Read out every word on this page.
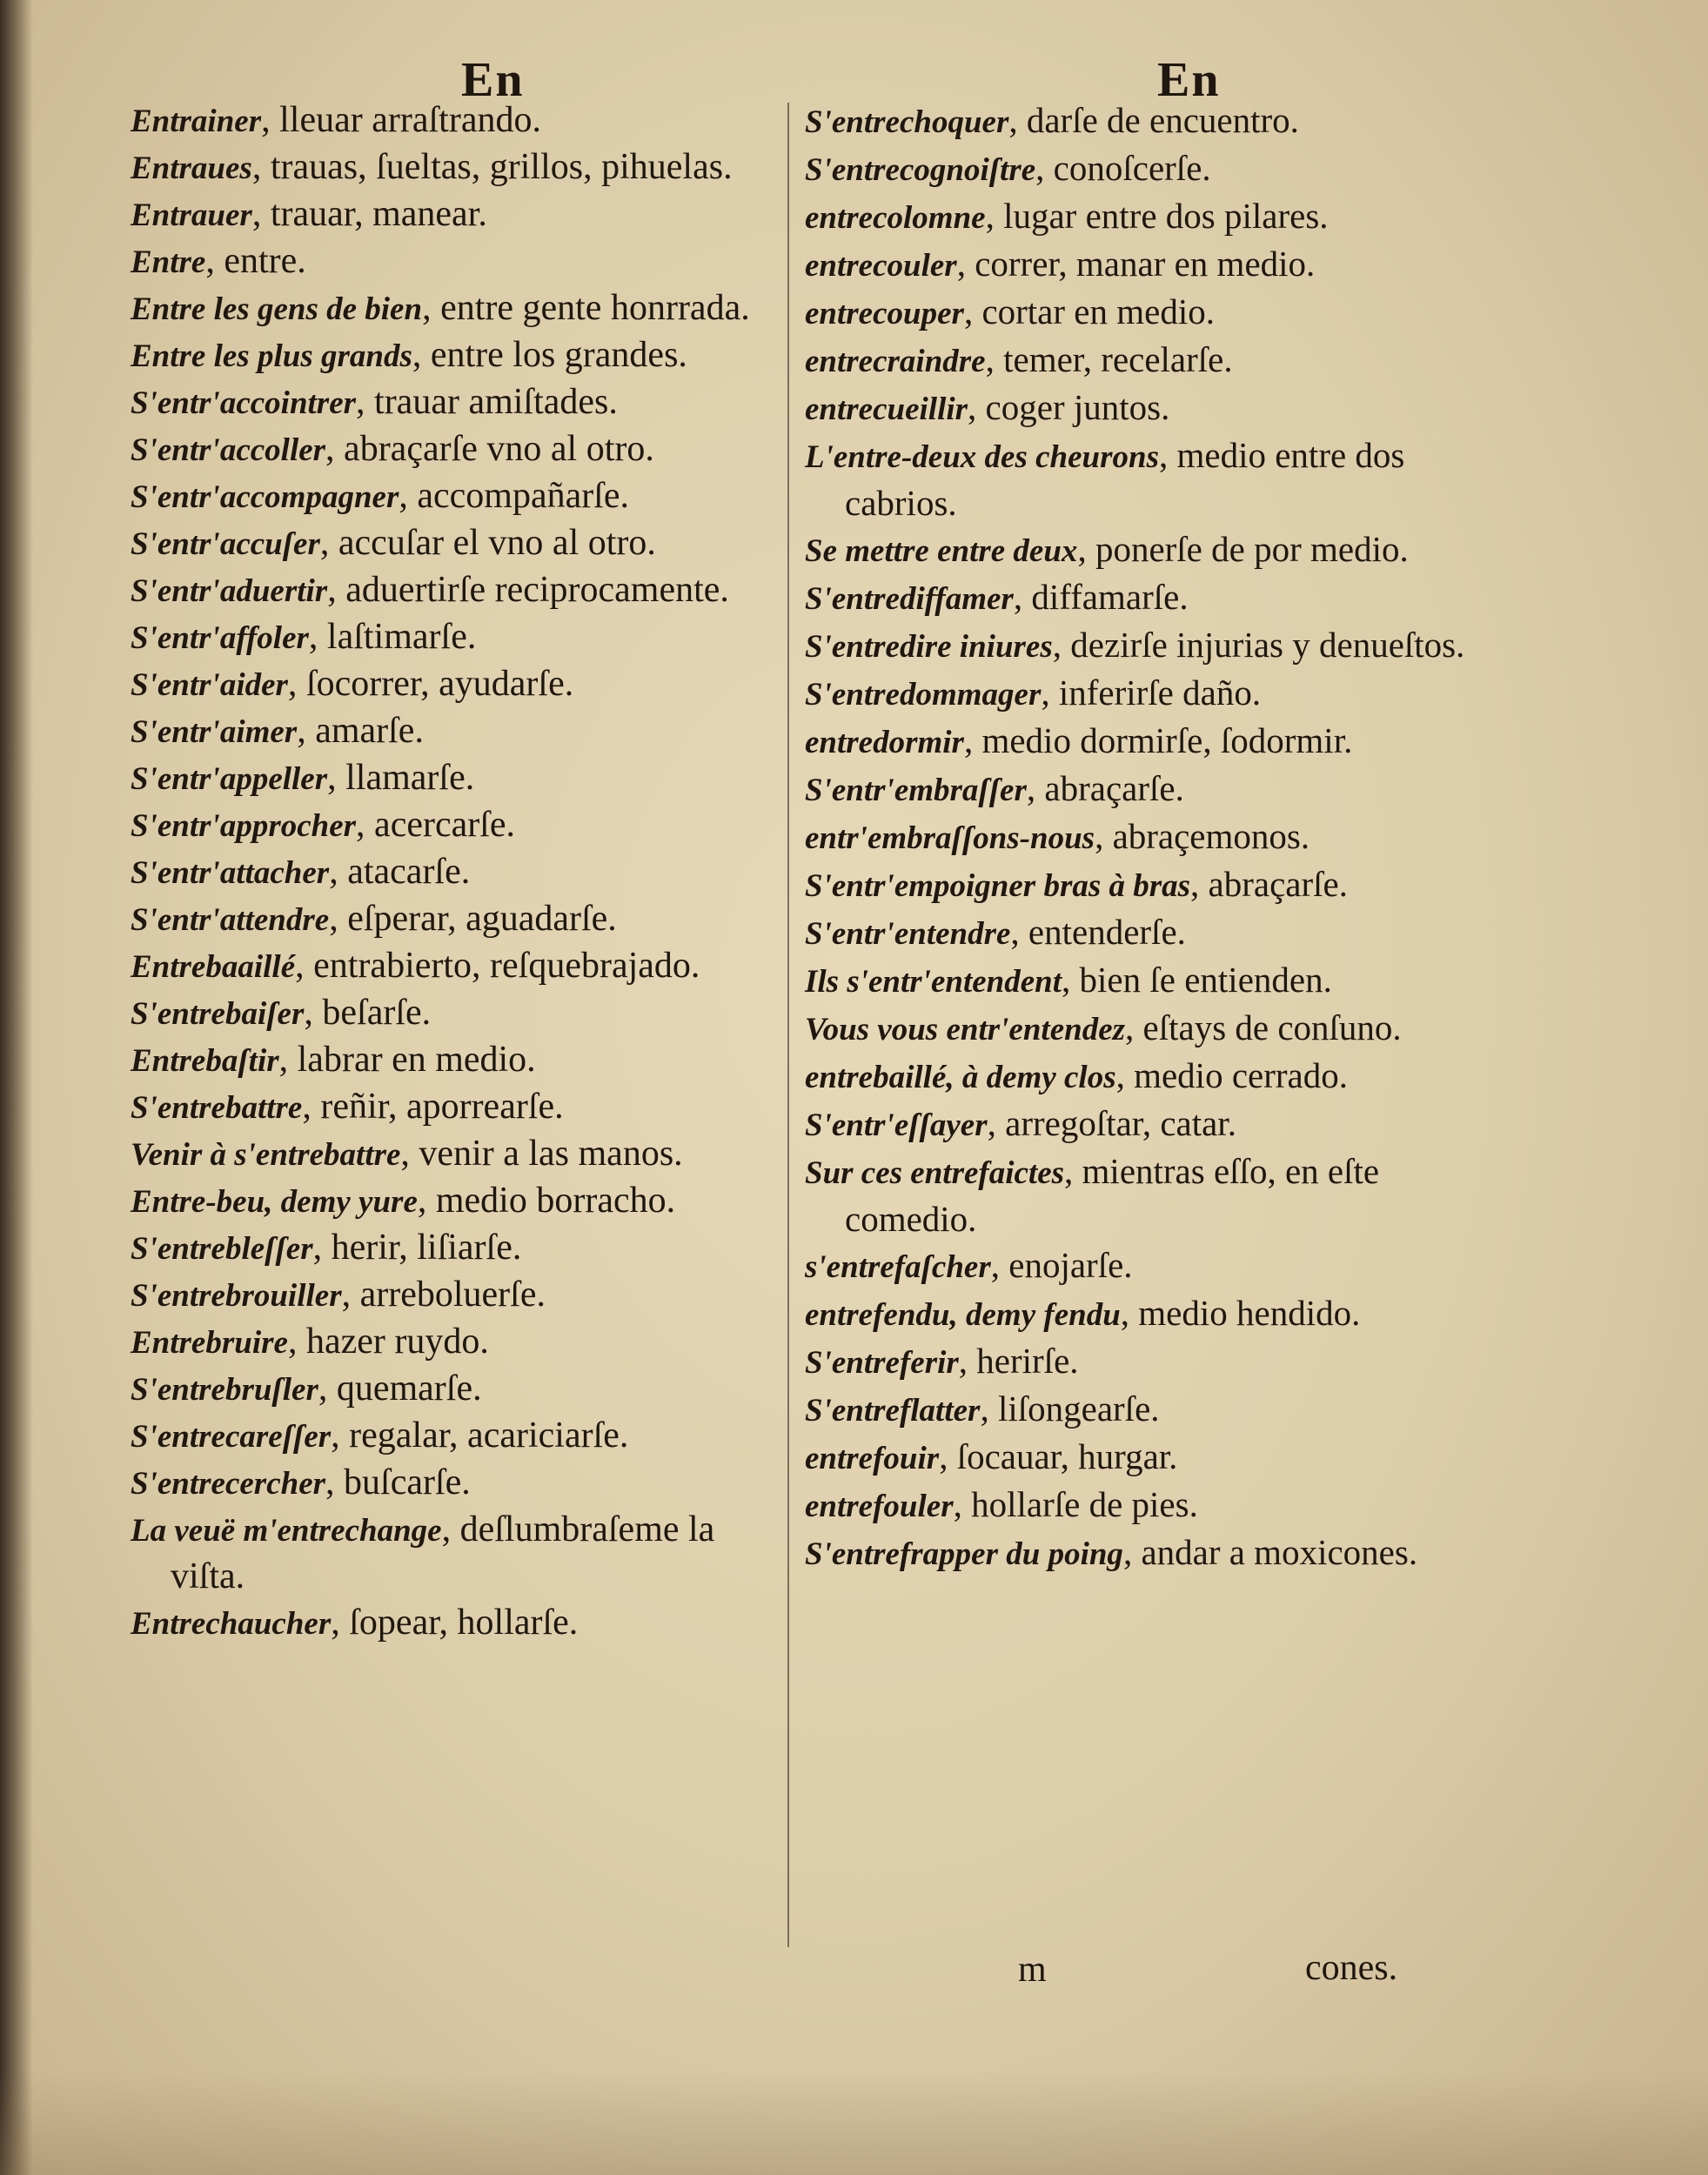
En	En
Entrainer, lleuar arraſtrando.
Entraues, trauas, ſueltas, grillos, pihuelas.
Entrauer, trauar, manear.
Entre, entre.
Entre les gens de bien, entre gente honrrada.
Entre les plus grands, entre los grandes.
S'entr'accointrer, trauar amiſtades.
S'entr'accoller, abraçarſe vno al otro.
S'entr'accompagner, accompañarſe.
S'entr'accuſer, accuſar el vno al otro.
S'entr'aduertir, aduertirſe reciprocamente.
S'entr'affoler, laſtimarſe.
S'entr'aider, ſocorrer, ayudarſe.
S'entr'aimer, amarſe.
S'entr'appeller, llamarſe.
S'entr'approcher, acercarſe.
S'entr'attacher, atacarſe.
S'entr'attendre, eſperar, aguadarſe.
Entrebaaillé, entrabierto, reſquebrajado.
S'entrebaiſer, beſarſe.
Entrebaſtir, labrar en medio.
S'entrebattre, reñir, aporrearſe.
Venir à s'entrebattre, venir a las manos.
Entre-beu, demy yure, medio borracho.
S'entrebleſſer, herir, liſiarſe.
S'entrebrouiller, arreboluerſe.
Entrebruire, hazer ruydo.
S'entrebruſler, quemarſe.
S'entrecareſſer, regalar, acariciarſe.
S'entrecercher, buſcarſe.
La veuë m'entrechange, deſlumbraſeme la viſta.
Entrechaucher, ſopear, hollarſe.
S'entrechoquer, darſe de encuentro.
S'entrecognoiſtre, conoſcerſe.
entrecolomne, lugar entre dos pilares.
entrecouler, correr, manar en medio.
entrecouper, cortar en medio.
entrecraindre, temer, recelarſe.
entrecueillir, coger juntos.
L'entre-deux des cheurons, medio entre dos cabrios.
Se mettre entre deux, ponerſe de por medio.
S'entrediffamer, diffamarſe.
S'entredire iniures, dezirſe injurias y denueſtos.
S'entredommager, inferirſe daño.
entredormir, medio dormirſe, ſodormir.
S'entr'embraſſer, abraçarſe.
entr'embraſſons-nous, abraçemonos.
S'entr'empoigner bras à bras, abraçarſe.
S'entr'entendre, entenderſe.
Ils s'entr'entendent, bien ſe entienden.
Vous vous entr'entendez, eſtays de conſuno.
entrebaillé, à demy clos, medio cerrado.
S'entr'eſſayer, arregoſtar, catar.
Sur ces entrefaictes, mientras eſſo, en eſte comedio.
s'entrefaſcher, enojarſe.
entrefendu, demy fendu, medio hendido.
S'entreferir, herirſe.
S'entreflatter, liſongearſe.
entrefouir, ſocauar, hurgar.
entrefouler, hollarſe de pies.
S'entrefrapper du poing, andar a moxicones.
m	cones.
